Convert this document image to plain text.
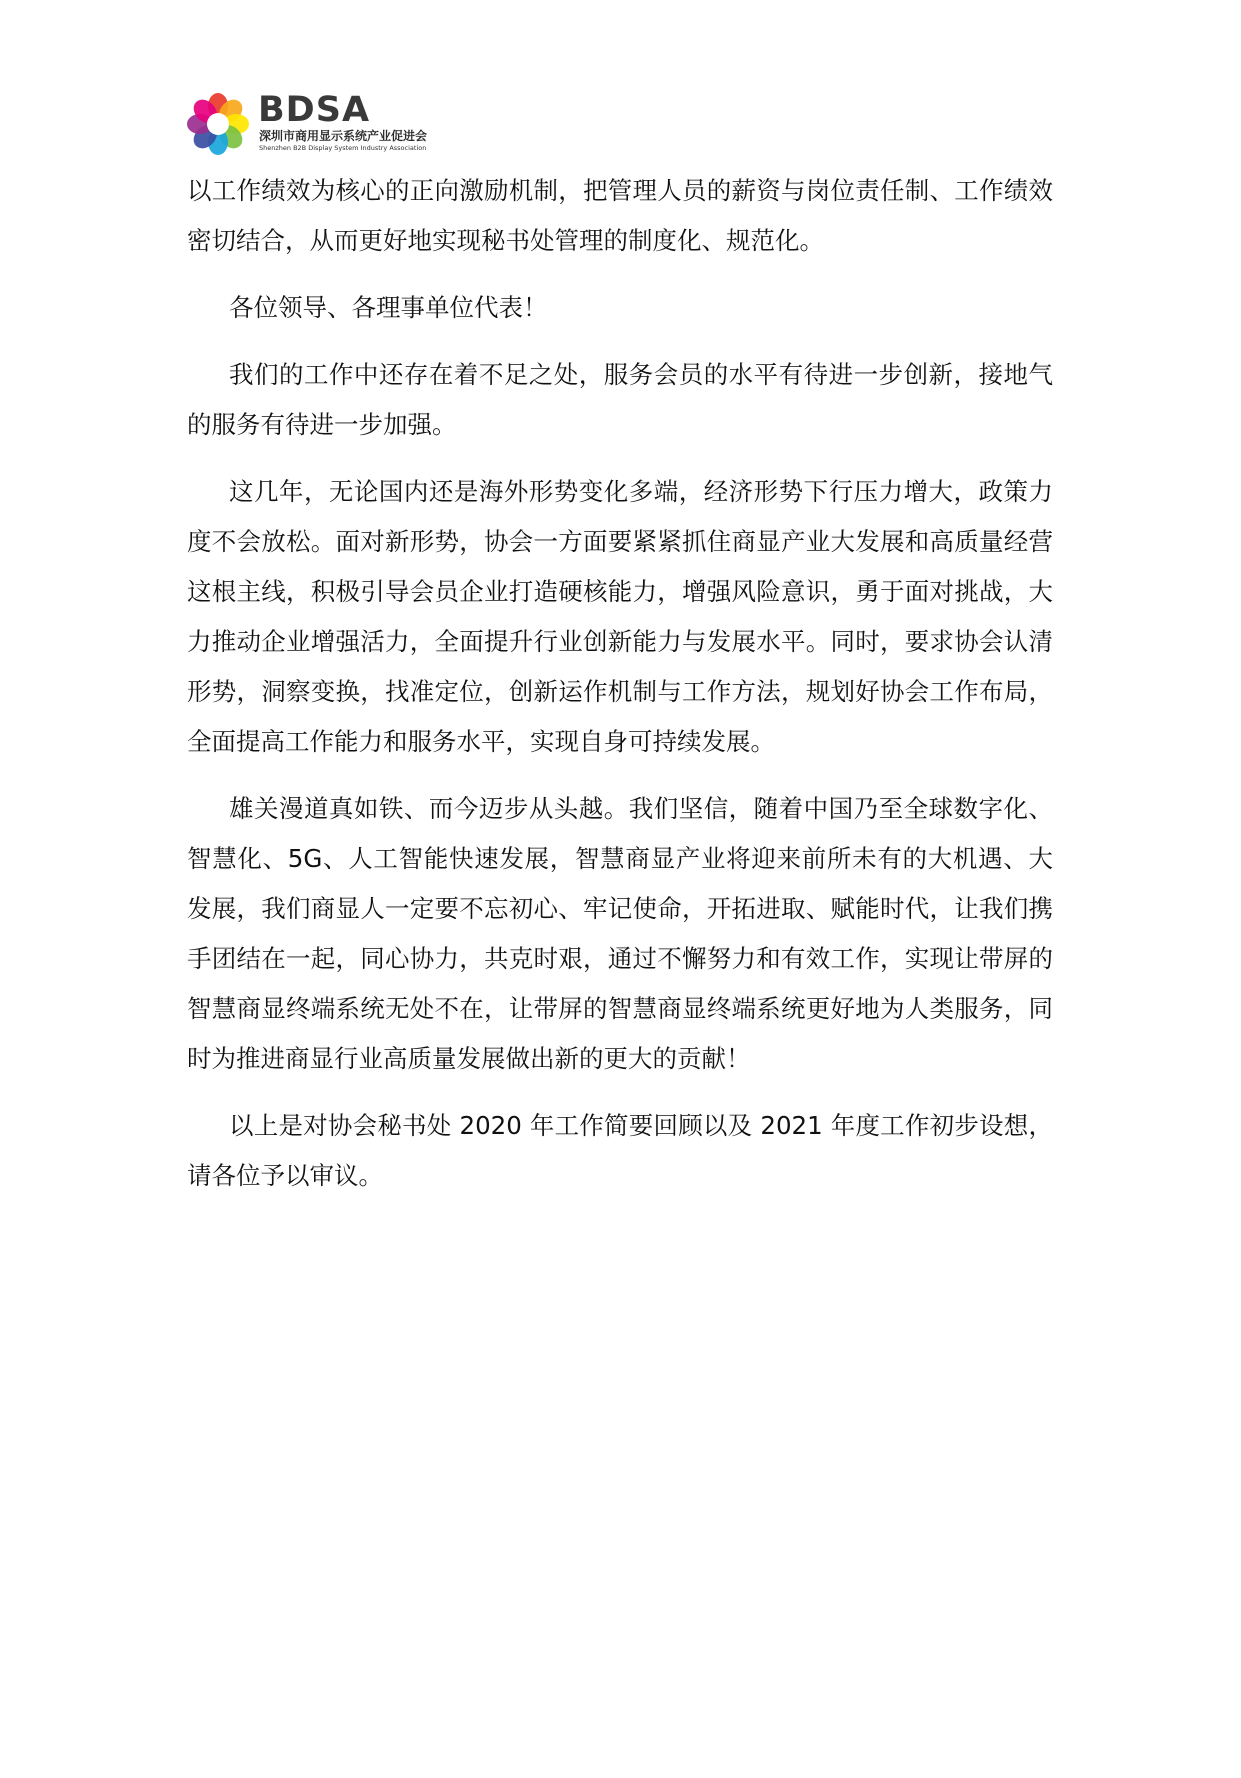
BDSA
深圳市商用显示系统产业促进会
Shenzhen B2B Display System Industry Association

以工作绩效为核心的正向激励机制，把管理人员的薪资与岗位责任制、工作绩效密切结合，从而更好地实现秘书处管理的制度化、规范化。

各位领导、各理事单位代表！

我们的工作中还存在着不足之处，服务会员的水平有待进一步创新，接地气的服务有待进一步加强。

这几年，无论国内还是海外形势变化多端，经济形势下行压力增大，政策力度不会放松。面对新形势，协会一方面要紧紧抓住商显产业大发展和高质量经营这根主线，积极引导会员企业打造硬核能力，增强风险意识，勇于面对挑战，大力推动企业增强活力，全面提升行业创新能力与发展水平。同时，要求协会认清形势，洞察变换，找准定位，创新运作机制与工作方法，规划好协会工作布局，全面提高工作能力和服务水平，实现自身可持续发展。

雄关漫道真如铁、而今迈步从头越。我们坚信，随着中国乃至全球数字化、智慧化、5G、人工智能快速发展，智慧商显产业将迎来前所未有的大机遇、大发展，我们商显人一定要不忘初心、牢记使命，开拓进取、赋能时代，让我们携手团结在一起，同心协力，共克时艰，通过不懈努力和有效工作，实现让带屏的智慧商显终端系统无处不在，让带屏的智慧商显终端系统更好地为人类服务，同时为推进商显行业高质量发展做出新的更大的贡献！

以上是对协会秘书处 2020 年工作简要回顾以及 2021 年度工作初步设想，请各位予以审议。
